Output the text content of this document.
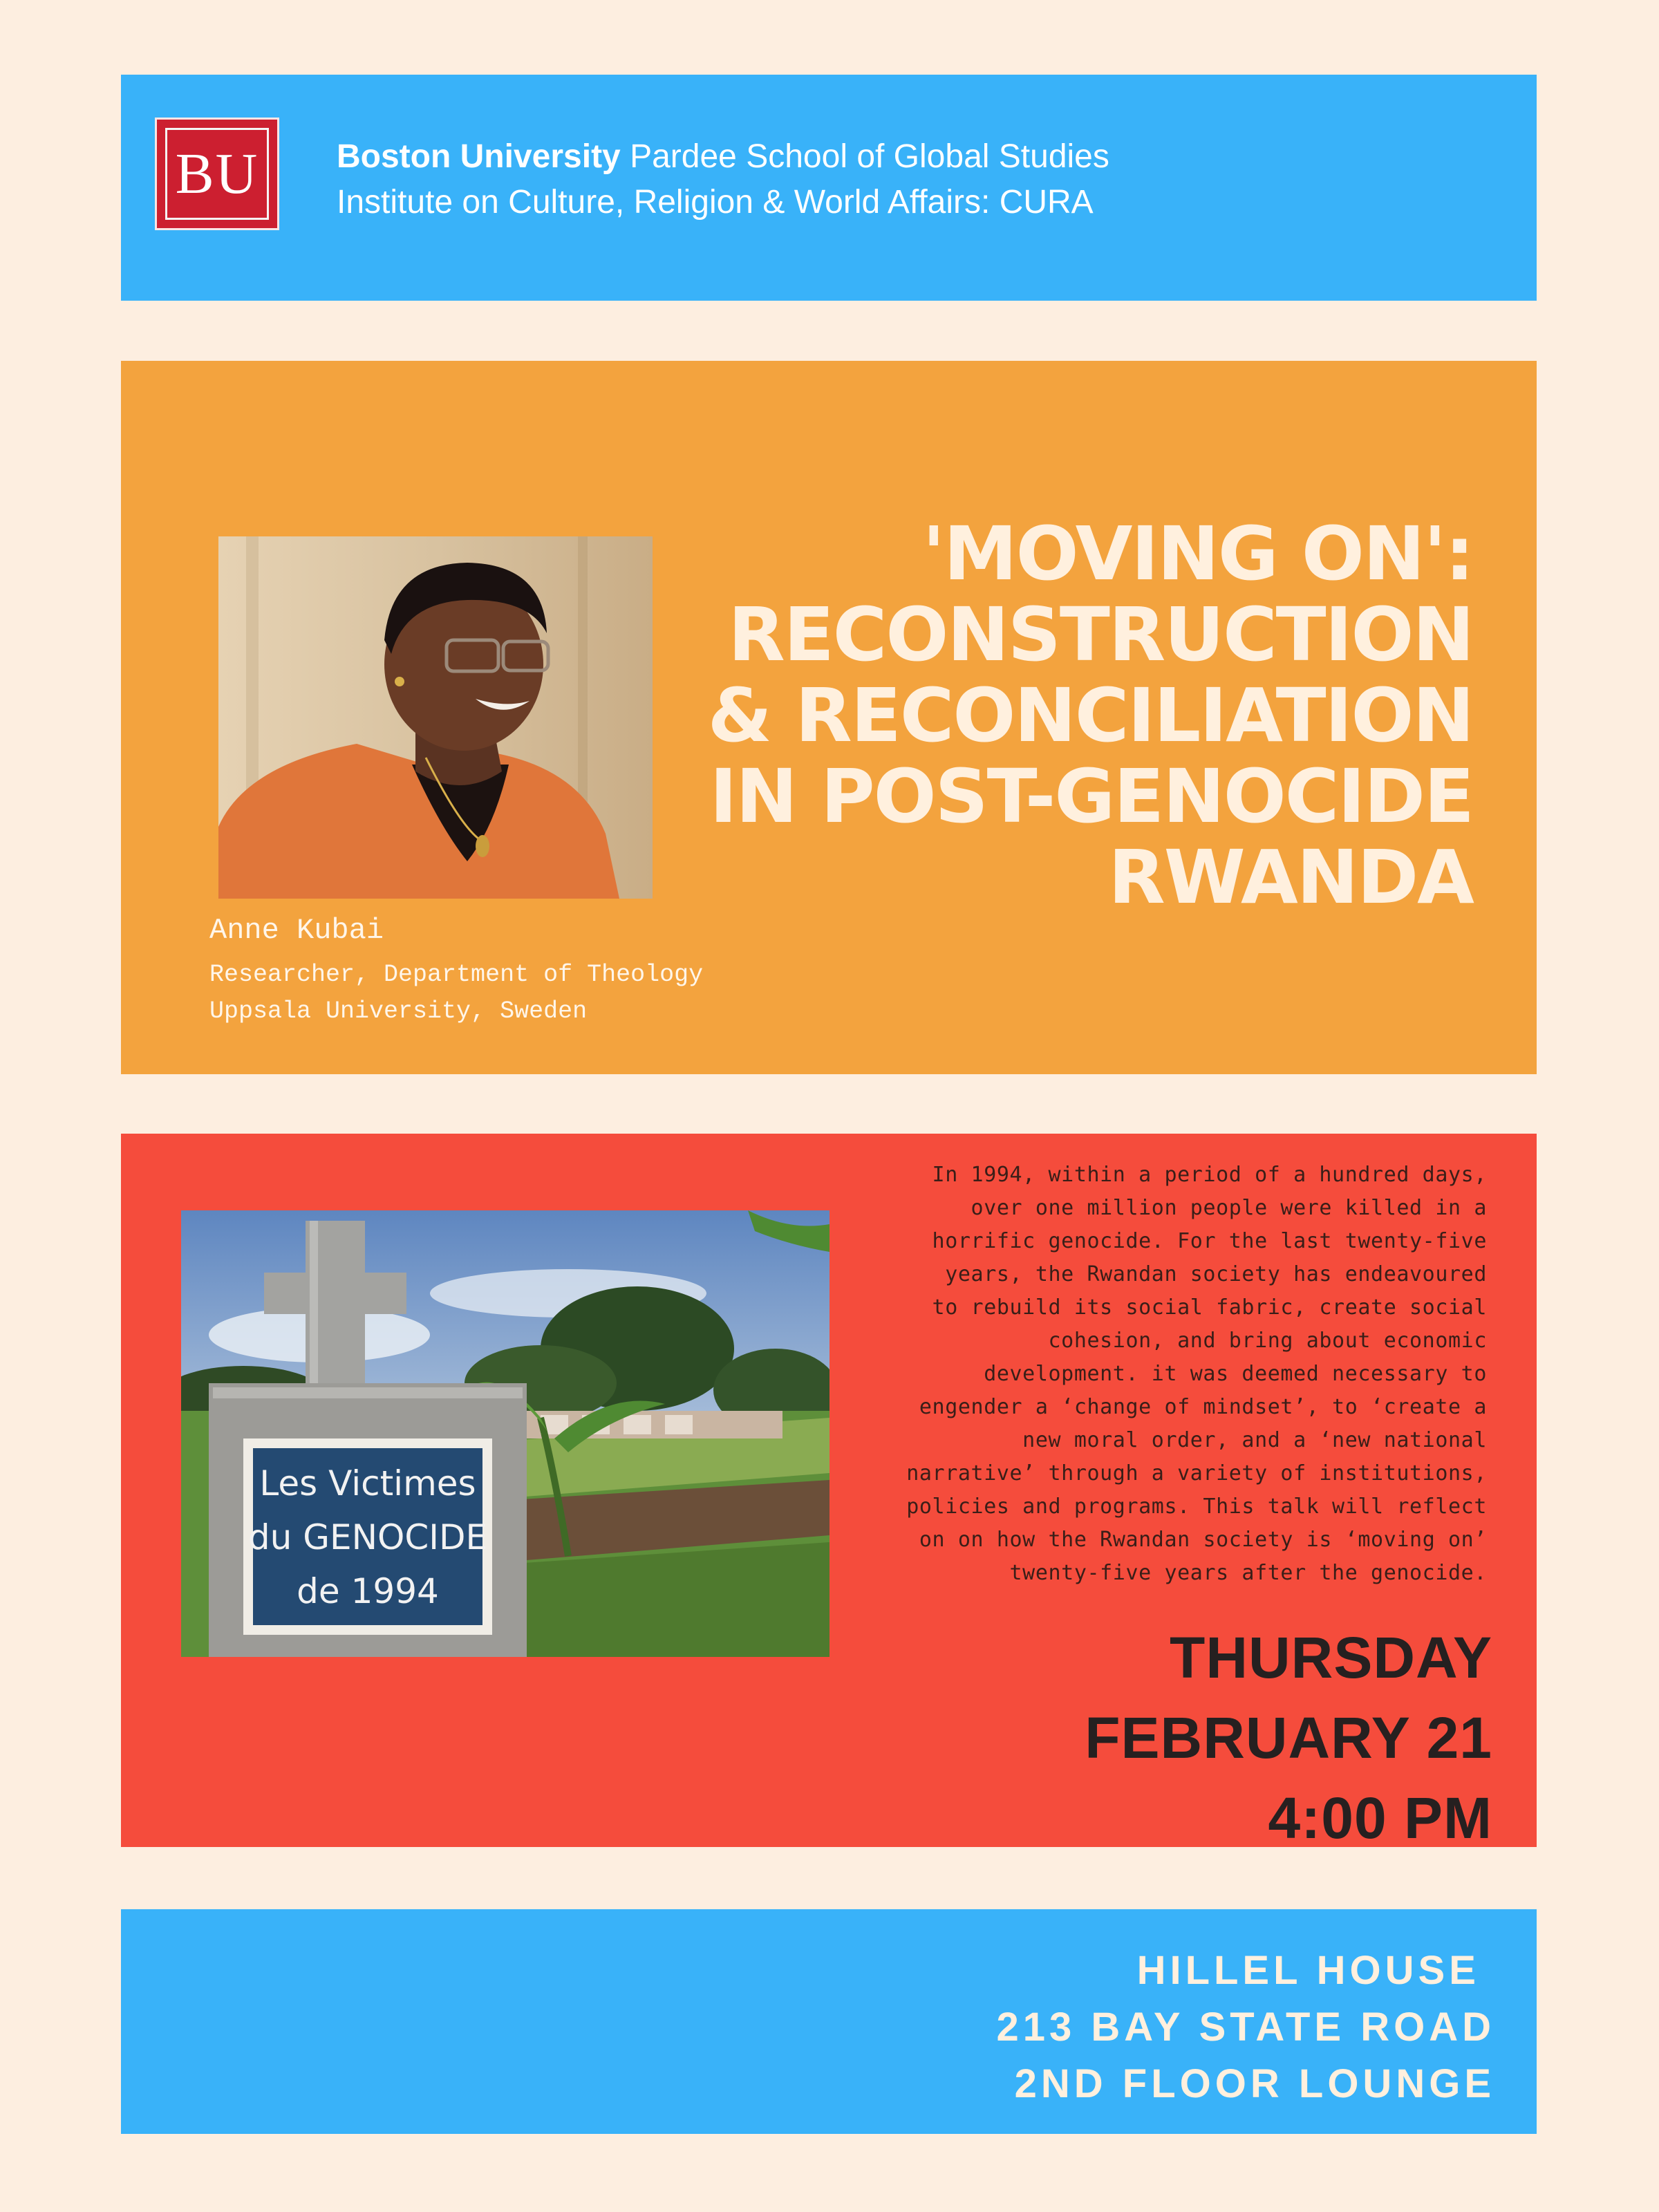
BU Boston University Pardee School of Global Studies
Institute on Culture, Religion & World Affairs: CURA
Anne Kubai
Researcher, Department of Theology
Uppsala University, Sweden
'MOVING ON':
RECONSTRUCTION
& RECONCILIATION
IN POST-GENOCIDE
RWANDA
Les Victimes
du GENOCIDE
de 1994
In 1994, within a period of a hundred days,
over one million people were killed in a
horrific genocide. For the last twenty-five
years, the Rwandan society has endeavoured
to rebuild its social fabric, create social
cohesion, and bring about economic
development. it was deemed necessary to
engender a ‘change of mindset’, to ‘create a
new moral order, and a ‘new national
narrative’ through a variety of institutions,
policies and programs. This talk will reflect
on on how the Rwandan society is ‘moving on’
twenty-five years after the genocide.
THURSDAY
FEBRUARY 21
4:00 PM
HILLEL HOUSE
213 BAY STATE ROAD
2ND FLOOR LOUNGE
